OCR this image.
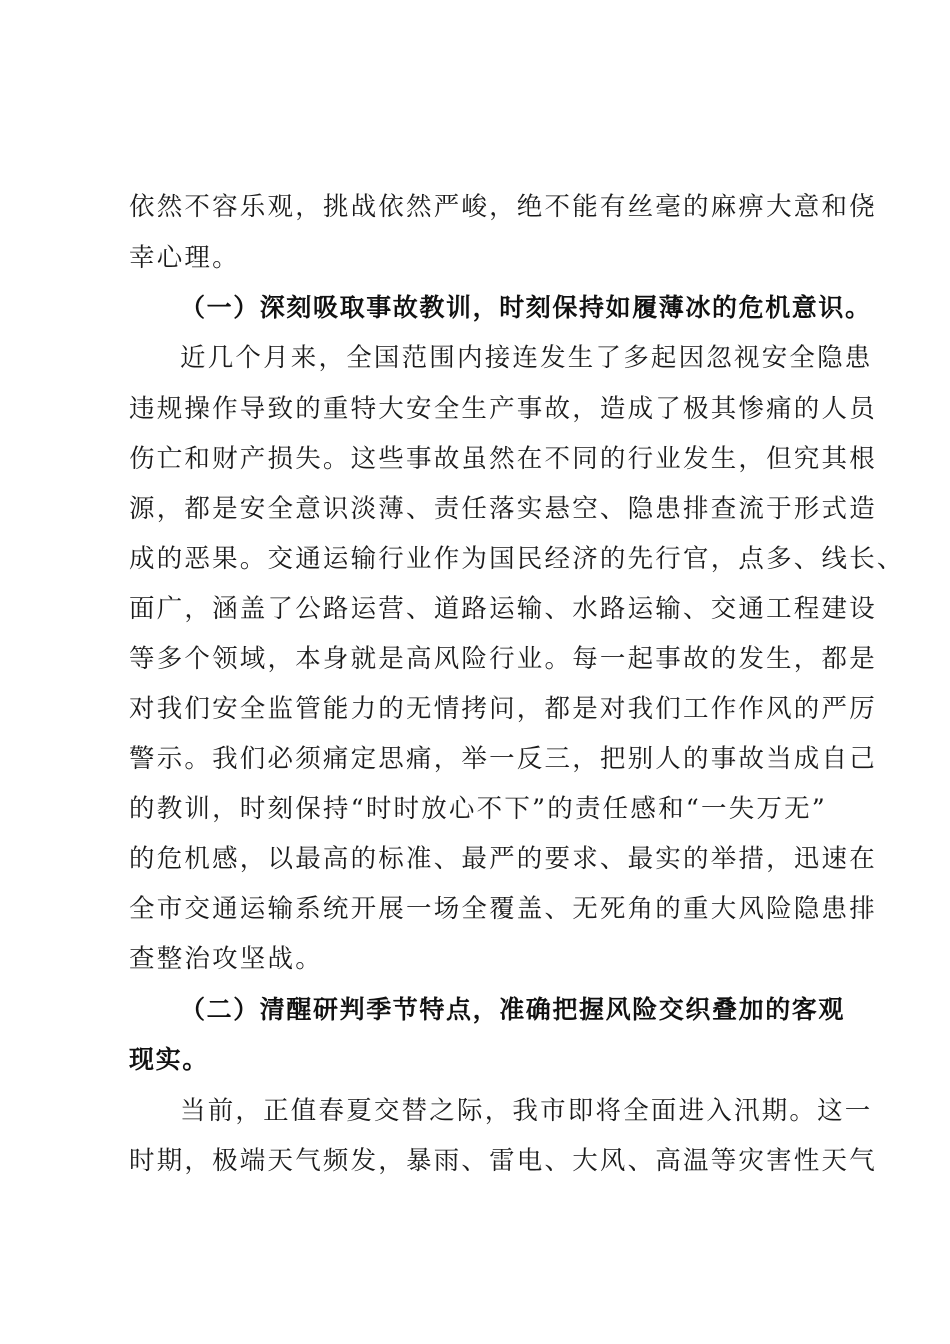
依然不容乐观，挑战依然严峻，绝不能有丝毫的麻痹大意和侥
幸心理。
（一）深刻吸取事故教训，时刻保持如履薄冰的危机意识。
近几个月来，全国范围内接连发生了多起因忽视安全隐患
违规操作导致的重特大安全生产事故，造成了极其惨痛的人员
伤亡和财产损失。这些事故虽然在不同的行业发生，但究其根
源，都是安全意识淡薄、责任落实悬空、隐患排查流于形式造
成的恶果。交通运输行业作为国民经济的先行官，点多、线长、
面广，涵盖了公路运营、道路运输、水路运输、交通工程建设
等多个领域，本身就是高风险行业。每一起事故的发生，都是
对我们安全监管能力的无情拷问，都是对我们工作作风的严厉
警示。我们必须痛定思痛，举一反三，把别人的事故当成自己
的教训，时刻保持“时时放心不下”的责任感和“一失万无”
的危机感，以最高的标准、最严的要求、最实的举措，迅速在
全市交通运输系统开展一场全覆盖、无死角的重大风险隐患排
查整治攻坚战。
（二）清醒研判季节特点，准确把握风险交织叠加的客观
现实。
当前，正值春夏交替之际，我市即将全面进入汛期。这一
时期，极端天气频发，暴雨、雷电、大风、高温等灾害性天气
